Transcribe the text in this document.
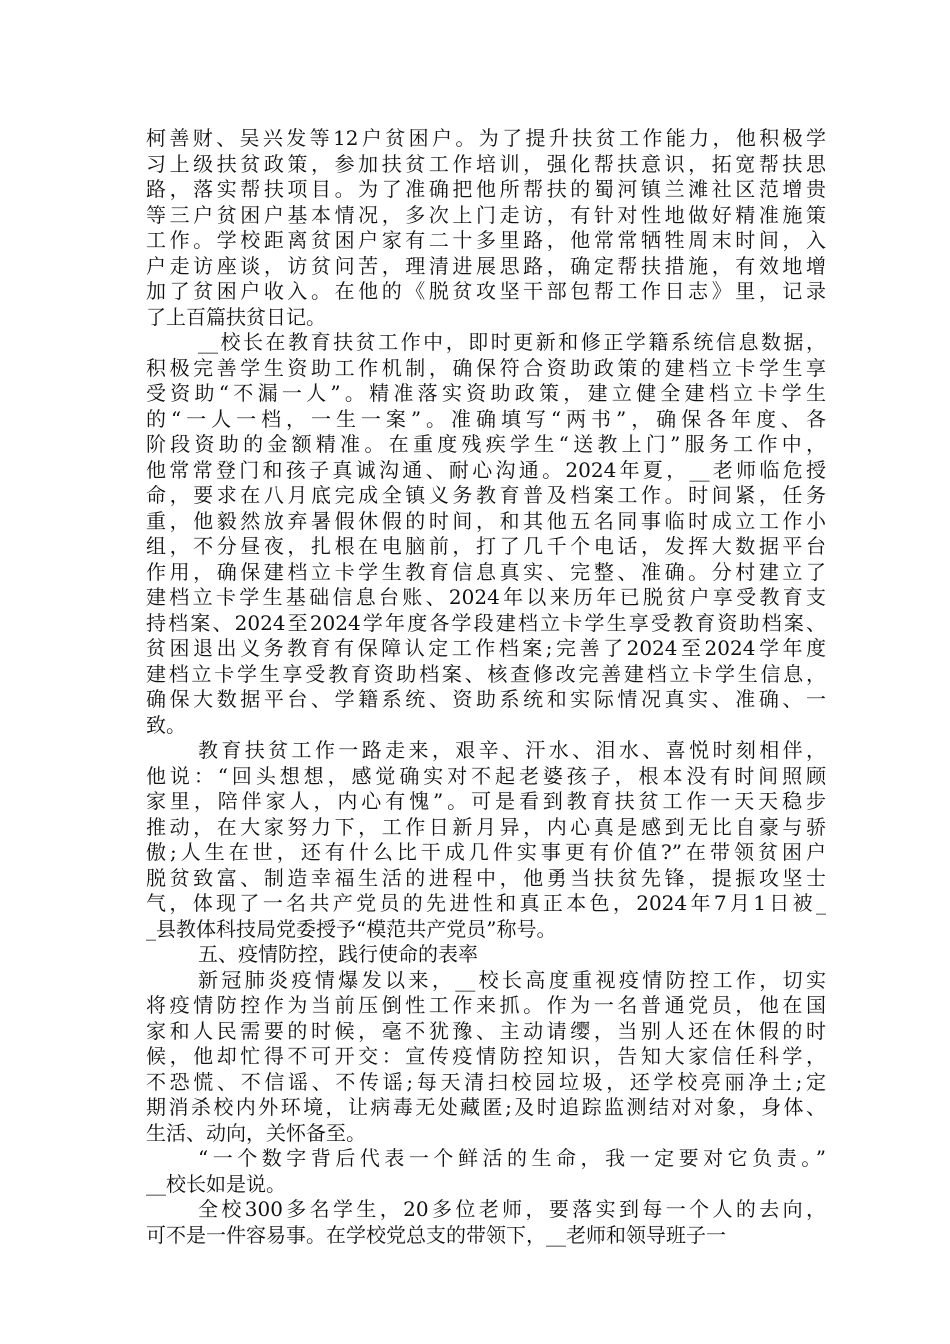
柯善财、吴兴发等12户贫困户。为了提升扶贫工作能力，他积极学
习上级扶贫政策，参加扶贫工作培训，强化帮扶意识，拓宽帮扶思
路，落实帮扶项目。为了准确把他所帮扶的蜀河镇兰滩社区范增贵
等三户贫困户基本情况，多次上门走访，有针对性地做好精准施策
工作。学校距离贫困户家有二十多里路，他常常牺牲周末时间，入
户走访座谈，访贫问苦，理清进展思路，确定帮扶措施，有效地增
加了贫困户收入。在他的《脱贫攻坚干部包帮工作日志》里，记录
了上百篇扶贫日记。
__校长在教育扶贫工作中，即时更新和修正学籍系统信息数据，
积极完善学生资助工作机制，确保符合资助政策的建档立卡学生享
受资助“不漏一人”。精准落实资助政策，建立健全建档立卡学生
的“一人一档，一生一案”。准确填写“两书”，确保各年度、各
阶段资助的金额精准。在重度残疾学生“送教上门”服务工作中，
他常常登门和孩子真诚沟通、耐心沟通。2024年夏，__老师临危授
命，要求在八月底完成全镇义务教育普及档案工作。时间紧，任务
重，他毅然放弃暑假休假的时间，和其他五名同事临时成立工作小
组，不分昼夜，扎根在电脑前，打了几千个电话，发挥大数据平台
作用，确保建档立卡学生教育信息真实、完整、准确。分村建立了
建档立卡学生基础信息台账、2024年以来历年已脱贫户享受教育支
持档案、2024至2024学年度各学段建档立卡学生享受教育资助档案、
贫困退出义务教育有保障认定工作档案;完善了2024至2024学年度
建档立卡学生享受教育资助档案、核查修改完善建档立卡学生信息，
确保大数据平台、学籍系统、资助系统和实际情况真实、准确、一
致。
教育扶贫工作一路走来，艰辛、汗水、泪水、喜悦时刻相伴，
他说：“回头想想，感觉确实对不起老婆孩子，根本没有时间照顾
家里，陪伴家人，内心有愧”。可是看到教育扶贫工作一天天稳步
推动，在大家努力下，工作日新月异，内心真是感到无比自豪与骄
傲;人生在世，还有什么比干成几件实事更有价值?”在带领贫困户
脱贫致富、制造幸福生活的进程中，他勇当扶贫先锋，提振攻坚士
气，体现了一名共产党员的先进性和真正本色，2024年7月1日被_
_县教体科技局党委授予“模范共产党员”称号。
五、疫情防控，践行使命的表率
新冠肺炎疫情爆发以来，__校长高度重视疫情防控工作，切实
将疫情防控作为当前压倒性工作来抓。作为一名普通党员，他在国
家和人民需要的时候，毫不犹豫、主动请缨，当别人还在休假的时
候，他却忙得不可开交：宣传疫情防控知识，告知大家信任科学，
不恐慌、不信谣、不传谣;每天清扫校园垃圾，还学校亮丽净土;定
期消杀校内外环境，让病毒无处藏匿;及时追踪监测结对对象，身体、
生活、动向，关怀备至。
“一个数字背后代表一个鲜活的生命，我一定要对它负责。”
__校长如是说。
全校300多名学生，20多位老师，要落实到每一个人的去向，
可不是一件容易事。在学校党总支的带领下，__老师和领导班子一
